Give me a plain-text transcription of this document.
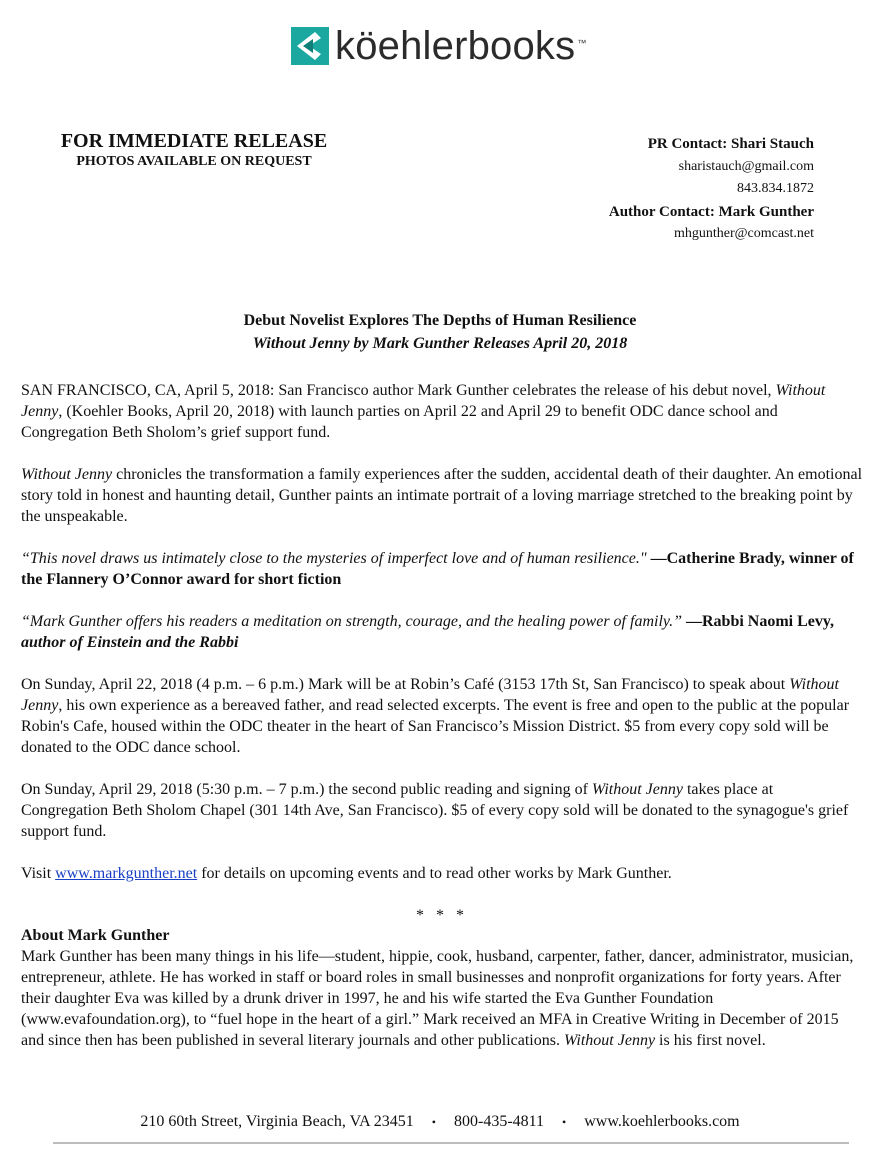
köehlerbooks ™
FOR IMMEDIATE RELEASE
PHOTOS AVAILABLE ON REQUEST
PR Contact: Shari Stauch
sharistauch@gmail.com
843.834.1872
Author Contact: Mark Gunther
mhgunther@comcast.net
Debut Novelist Explores The Depths of Human Resilience
Without Jenny by Mark Gunther Releases April 20, 2018

SAN FRANCISCO, CA, April 5, 2018: San Francisco author Mark Gunther celebrates the release of his debut novel, Without Jenny, (Koehler Books, April 20, 2018) with launch parties on April 22 and April 29 to benefit ODC dance school and Congregation Beth Sholom’s grief support fund.

Without Jenny chronicles the transformation a family experiences after the sudden, accidental death of their daughter. An emotional story told in honest and haunting detail, Gunther paints an intimate portrait of a loving marriage stretched to the breaking point by the unspeakable.

“This novel draws us intimately close to the mysteries of imperfect love and of human resilience." —Catherine Brady, winner of the Flannery O’Connor award for short fiction

“Mark Gunther offers his readers a meditation on strength, courage, and the healing power of family.” —Rabbi Naomi Levy, author of Einstein and the Rabbi

On Sunday, April 22, 2018 (4 p.m. – 6 p.m.) Mark will be at Robin’s Café (3153 17th St, San Francisco) to speak about Without Jenny, his own experience as a bereaved father, and read selected excerpts. The event is free and open to the public at the popular Robin's Cafe, housed within the ODC theater in the heart of San Francisco’s Mission District. $5 from every copy sold will be donated to the ODC dance school.

On Sunday, April 29, 2018 (5:30 p.m. – 7 p.m.) the second public reading and signing of Without Jenny takes place at Congregation Beth Sholom Chapel (301 14th Ave, San Francisco). $5 of every copy sold will be donated to the synagogue's grief support fund.

Visit www.markgunther.net for details on upcoming events and to read other works by Mark Gunther.

* * *
About Mark Gunther
Mark Gunther has been many things in his life—student, hippie, cook, husband, carpenter, father, dancer, administrator, musician, entrepreneur, athlete. He has worked in staff or board roles in small businesses and nonprofit organizations for forty years. After their daughter Eva was killed by a drunk driver in 1997, he and his wife started the Eva Gunther Foundation (www.evafoundation.org), to “fuel hope in the heart of a girl.” Mark received an MFA in Creative Writing in December of 2015 and since then has been published in several literary journals and other publications. Without Jenny is his first novel.
210 60th Street, Virginia Beach, VA 23451 • 800-435-4811 • www.koehlerbooks.com
